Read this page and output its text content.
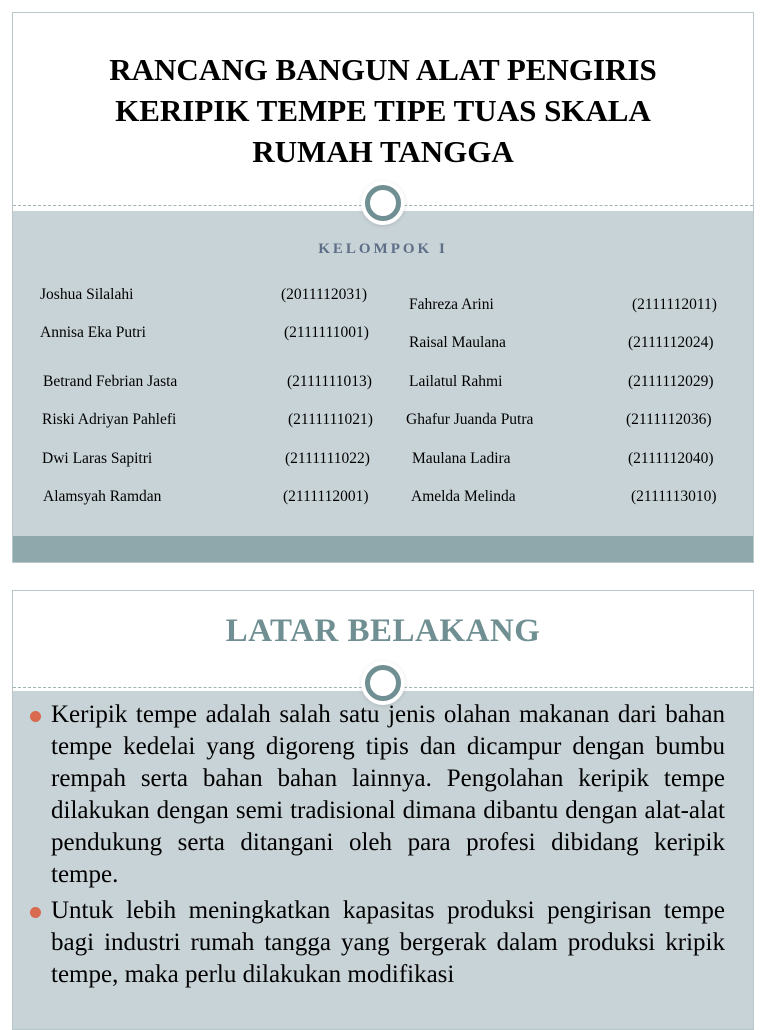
RANCANG BANGUN ALAT PENGIRIS KERIPIK TEMPE TIPE TUAS SKALA RUMAH TANGGA
KELOMPOK I
Joshua Silalahi	(2011112031)
Annisa Eka Putri	(2111111001)
Betrand Febrian Jasta	(2111111013)
Riski Adriyan Pahlefi	(2111111021)
Dwi Laras Sapitri	(2111111022)
Alamsyah Ramdan	(2111112001)
Fahreza Arini	(2111112011)
Raisal Maulana	(2111112024)
Lailatul Rahmi	(2111112029)
Ghafur Juanda Putra	(2111112036)
Maulana Ladira	(2111112040)
Amelda Melinda	(2111113010)
LATAR BELAKANG
Keripik tempe adalah salah satu jenis olahan makanan dari bahan tempe kedelai yang digoreng tipis dan dicampur dengan bumbu rempah serta bahan bahan lainnya. Pengolahan keripik tempe dilakukan dengan semi tradisional dimana dibantu dengan alat-alat pendukung serta ditangani oleh para profesi dibidang keripik tempe.
Untuk lebih meningkatkan kapasitas produksi pengirisan tempe bagi industri rumah tangga yang bergerak dalam produksi kripik tempe, maka perlu dilakukan modifikasi
